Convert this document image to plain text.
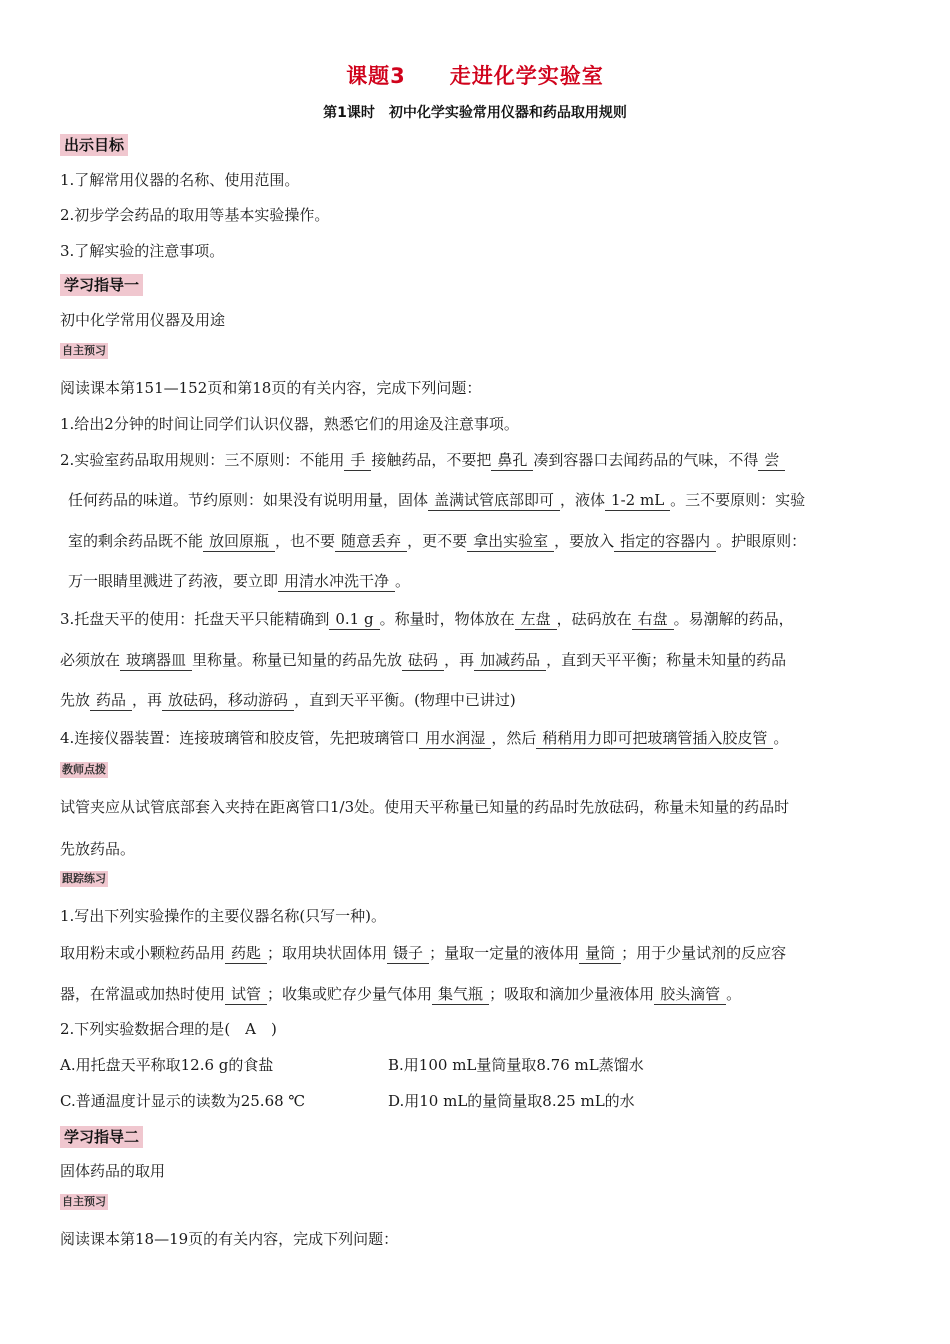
课题3　　走进化学实验室
第1课时　初中化学实验常用仪器和药品取用规则
出示目标
1.了解常用仪器的名称、使用范围。
2.初步学会药品的取用等基本实验操作。
3.了解实验的注意事项。
学习指导一
初中化学常用仪器及用途
自主预习
阅读课本第151—152页和第18页的有关内容，完成下列问题：
1.给出2分钟的时间让同学们认识仪器，熟悉它们的用途及注意事项。
2.实验室药品取用规则：三不原则：不能用 手 接触药品，不要把 鼻孔 凑到容器口去闻药品的气味，不得 尝
任何药品的味道。节约原则：如果没有说明用量，固体 盖满试管底部即可 ，液体 1-2 mL 。三不要原则：实验
室的剩余药品既不能 放回原瓶 ，也不要 随意丢弃 ，更不要 拿出实验室 ，要放入 指定的容器内 。护眼原则：
万一眼睛里溅进了药液，要立即 用清水冲洗干净 。
3.托盘天平的使用：托盘天平只能精确到 0.1 g 。称量时，物体放在 左盘 ，砝码放在 右盘 。易潮解的药品，
必须放在 玻璃器皿 里称量。称量已知量的药品先放 砝码 ，再 加减药品 ，直到天平平衡；称量未知量的药品
先放 药品 ，再 放砝码，移动游码 ，直到天平平衡。(物理中已讲过)
4.连接仪器装置：连接玻璃管和胶皮管，先把玻璃管口 用水润湿 ，然后 稍稍用力即可把玻璃管插入胶皮管 。
教师点拨
试管夹应从试管底部套入夹持在距离管口1/3处。使用天平称量已知量的药品时先放砝码，称量未知量的药品时
先放药品。
跟踪练习
1.写出下列实验操作的主要仪器名称(只写一种)。
取用粉末或小颗粒药品用 药匙 ；取用块状固体用 镊子 ；量取一定量的液体用 量筒 ；用于少量试剂的反应容
器，在常温或加热时使用 试管 ；收集或贮存少量气体用 集气瓶 ；吸取和滴加少量液体用 胶头滴管 。
2.下列实验数据合理的是(　A　)
A.用托盘天平称取12.6 g的食盐	B.用100 mL量筒量取8.76 mL蒸馏水
C.普通温度计显示的读数为25.68 ℃	D.用10 mL的量筒量取8.25 mL的水
学习指导二
固体药品的取用
自主预习
阅读课本第18—19页的有关内容，完成下列问题：
